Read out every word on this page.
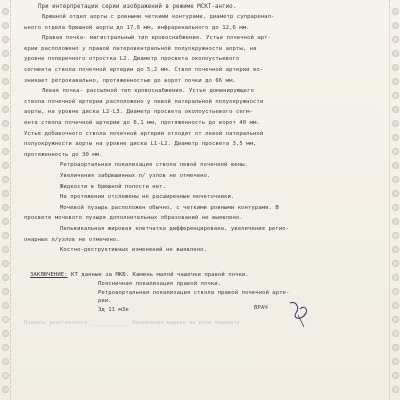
При интерпретации серии изображений в режиме MCKT-ангио.
Брюшной отдел аорты с ровными четкими контурами, диаметр супраренал-
ьного отдела брюшной аорты до 17,6 мм, инфраренального до 12,6 мм.
Правая почка- магистральный тип кровоснабжения. Устье почечной арт-
ерии расположено у правой латеровентральной полуокружности аорты, на
уровне поперечного отростка L2. Диаметр просвета околоустьевого
сегмента ствола почечной артерии до 5,2 мм. Ствол почечной артерии во-
зникает ретрокавально, протяженностью до ворот почки до 66 мм.
Левая почка- рассыпной тип кровоснабжения. Устье доминирующего
ствола почечной артерии расположено у левой латеральной полуокружности
аорты, на уровне диска L2-L3. Диаметр просвета околоустьевого сегм-
ента ствола почечной артерии до 6,1 мм, протяженность до ворот 40 мм.
Устье добавочного ствола почечной артерии отходит от левой латеральной
полуокружности аорты на уровне диска L1-L2. Диаметр просвета 3,5 мм,
протяженность до 30 мм.
Ретроаортальная локализация ствола левой почечной вены.
Увеличения забрюшинных л/ узлов не отмечено.
Жидкости в брюшной полости нет.
На протяжении отслежены не расширенные мочеточники.
Мочевой пузырь расположен обычно, с четкими ровными контурами. В
просвете мочевого пузыря дополнительных образований не выявлено.
Пельвикальная жировая клетчатка дифференцирована, увеличения регио-
онарных л/узлов не отмечено.
Костно-деструктивных изменений не выявлено.
ЗАКЛЮЧЕНИЕ: КТ данные за МКБ. Камень малой чашечки правой почки.
Поясничная локализация правой почки.
Ретроаортальная локализация ствола правой почечной арте-
рии.
3д 11 м3е	ВРАЧ
Подпись рентгенолога ____________ Заключение выдано на руки пациенту
